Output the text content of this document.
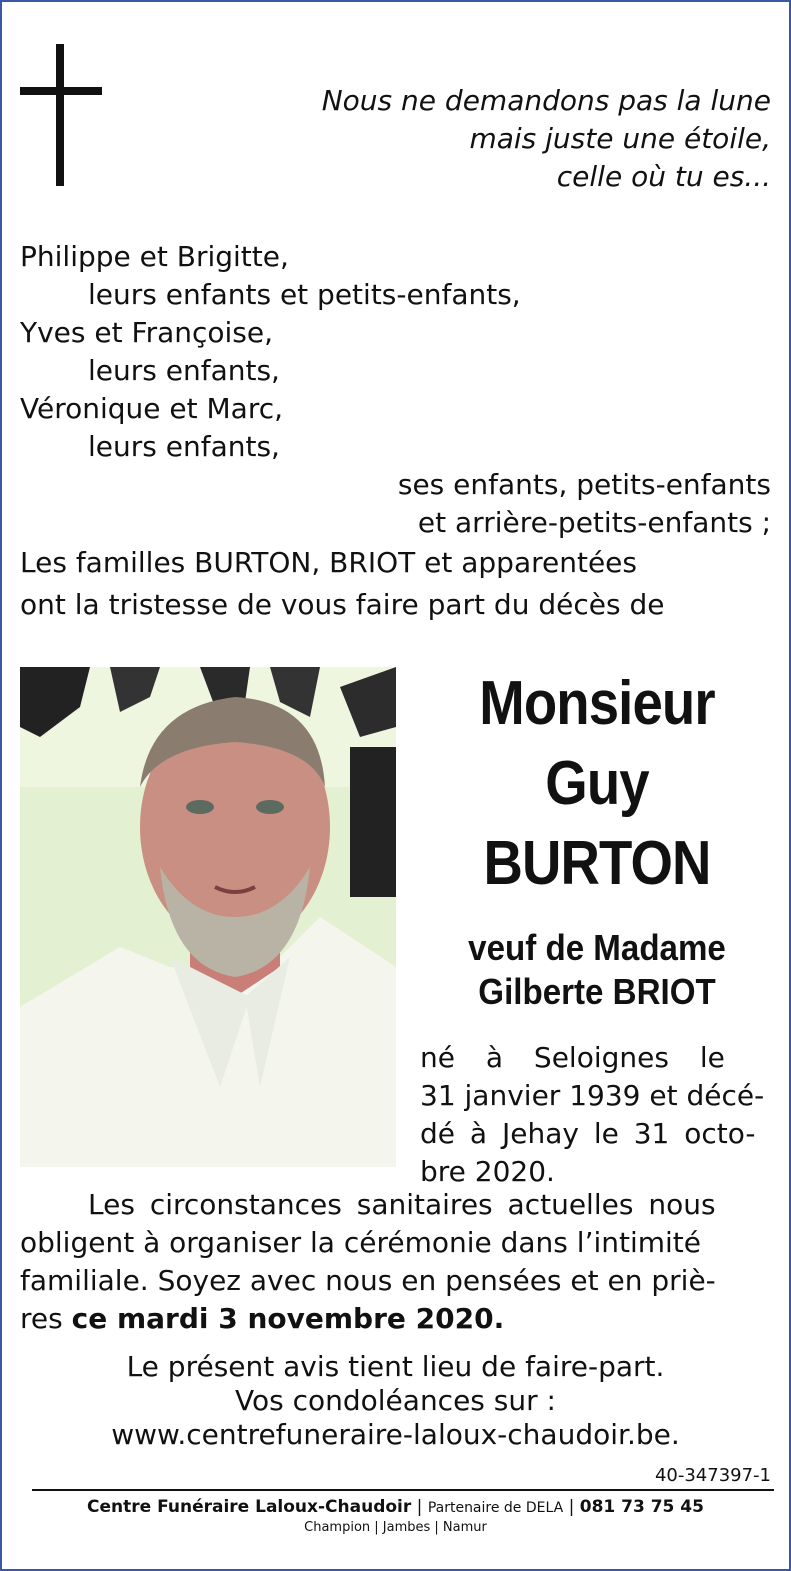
Nous ne demandons pas la lune
mais juste une étoile,
celle où tu es...
Philippe et Brigitte,
leurs enfants et petits-enfants,
Yves et Françoise,
leurs enfants,
Véronique et Marc,
leurs enfants,
ses enfants, petits-enfants
et arrière-petits-enfants ;
Les familles BURTON, BRIOT et apparentées
ont la tristesse de vous faire part du décès de
Monsieur
Guy
BURTON
veuf de Madame
Gilberte BRIOT
né à Seloignes le
31 janvier 1939 et décé-
dé à Jehay le 31 octo-
bre 2020.
Les circonstances sanitaires actuelles nous
obligent à organiser la cérémonie dans l’intimité
familiale. Soyez avec nous en pensées et en priè-
res ce mardi 3 novembre 2020.
Le présent avis tient lieu de faire-part.
Vos condoléances sur :
www.centrefuneraire-laloux-chaudoir.be.
40-347397-1
Centre Funéraire Laloux-Chaudoir | Partenaire de DELA | 081 73 75 45
Champion | Jambes | Namur
